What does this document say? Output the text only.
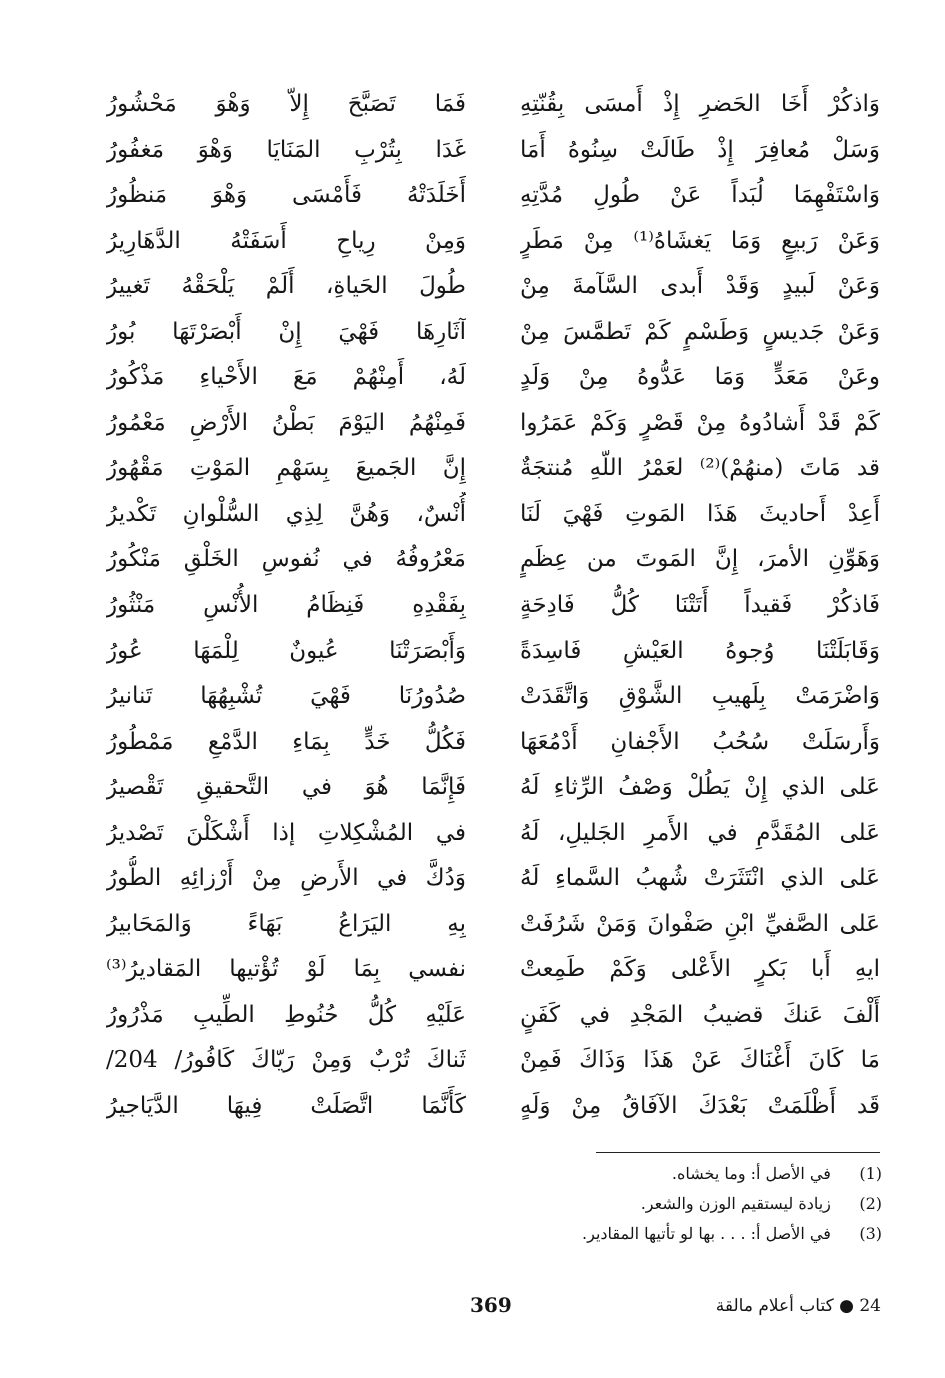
وَاذكُرْ أَخَا الحَضرِ إِذْ أَمسَى بِقُنّتِهِ
وَسَلْ مُعافِرَ إِذْ طَالَتْ سِنُوهُ أَمَا
وَاسْتَفْهِمَا لُبَداً عَنْ طُولِ مُدَّتِهِ
وَعَنْ رَبيعٍ وَمَا يَغشَاهُ⁽¹⁾ مِنْ مَطَرٍ
وَعَنْ لَبيدٍ وَقَدْ أَبدى السَّآمةَ مِنْ
وَعَنْ جَديسٍ وَطَسْمٍ كَمْ تَطمَّسَ مِنْ
وعَنْ مَعَدٍّ وَمَا عَدُّوهُ مِنْ وَلَدٍ
كَمْ قَدْ أَشادُوهُ مِنْ قَصْرٍ وَكَمْ عَمَرُوا
قد مَاتَ (منهُمْ)⁽²⁾ لعَمْرُ اللّهِ مُنتجَةٌ
أَعِدْ أَحاديثَ هَذَا المَوتِ فَهْيَ لَنَا
وَهَوِّنِ الأمرَ، إِنَّ المَوتَ من عِظَمٍ
فَاذكُرْ فَقيداً أَتَتْنَا كُلُّ فَادِحَةٍ
وَقَابَلَتْنَا وُجوهُ العَيْشِ فَاسِدَةً
وَاضْرَمَتْ بِلَهيبِ الشَّوْقِ وَاتَّقَدَتْ
وَأَرسَلَتْ سُحُبُ الأَجْفانِ أَدْمُعَهَا
عَلى الذي إِنْ يَطُلْ وَصْفُ الرِّثاءِ لَهُ
عَلى المُقَدَّمِ في الأَمرِ الجَليلِ، لَهُ
عَلى الذي انْتَثَرَتْ شُهبُ السَّماءِ لَهُ
عَلى الصَّفيِّ ابْنِ صَفْوانَ وَمَنْ شَرُفَتْ
ايهِ أَبا بَكرٍ الأَعْلى وَكَمْ طَمِعتْ
أَلْفَ عَنكَ قضيبُ المَجْدِ في كَفَنٍ
مَا كَانَ أَغْنَاكَ عَنْ هَذَا وَذَاكَ فَمِنْ
قَد أَظْلَمَتْ بَعْدَكَ الآفَاقُ مِنْ وَلَهٍ
فَمَا تَصَبَّحَ إِلاّ وَهْوَ مَحْشُورُ
غَدَا بِتُرْبِ المَنَايَا وَهْوَ مَغفُورُ
أَخَلَدَتْهُ فَأَمْسَى وَهْوَ مَنظُورُ
وَمِنْ رِياحِ أَسَفَتْهُ الدَّهَارِيرُ
طُولَ الحَياةِ، أَلَمْ يَلْحَقْهُ تَغييرُ
آثَارِهَا فَهْيَ إِنْ أَبْصَرْتَهَا بُورُ
لَهُ، أَمِنْهُمْ مَعَ الأَحْياءِ مَذْكُورُ
فَمِنْهُمُ اليَوْمَ بَطْنُ الأَرْضِ مَعْمُورُ
إِنَّ الجَميعَ بِسَهْمِ المَوْتِ مَقْهُورُ
أُنْسٌ، وَهُنَّ لِذِي السُّلْوانِ تَكْديرُ
مَعْرُوفُهُ في نُفوسِ الخَلْقِ مَنْكُورُ
بِفَقْدِهِ فَنِظَامُ الأُنْسِ مَنْثُورُ
وَأَبْصَرَتْنَا عُيونٌ لِلْمَهَا عُورُ
صُدُورُنَا فَهْيَ تُشْبِهُهَا تَنانيرُ
فَكُلُّ خَدٍّ بِمَاءِ الدَّمْعِ مَمْطُورُ
فَإِنَّمَا هُوَ في التَّحقيقِ تَقْصيرُ
في المُشْكِلاتِ إذا أَشْكَلْنَ تَصْديرُ
وَدُكَّ في الأَرضِ مِنْ أَرْزائِهِ الطُّورُ
بِهِ اليَرَاعُ بَهَاءً وَالمَحَابيرُ
نفسي بِمَا لَوْ تُؤْتيها المَقاديرُ⁽³⁾
عَلَيْهِ كُلُّ حُنُوطِ الطِّيبِ مَذْرُورُ
ثَناكَ تُرْبٌ وَمِنْ رَيّاكَ كَافُورُ/ 204/
كَأَنَّمَا اتَّصَلَتْ فِيهَا الدَّيَاجيرُ
(1) في الأصل أ: وما يخشاه.
(2) زيادة ليستقيم الوزن والشعر.
(3) في الأصل أ: . . . بها لو تأتيها المقادير.
369	24 ● كتاب أعلام مالقة
